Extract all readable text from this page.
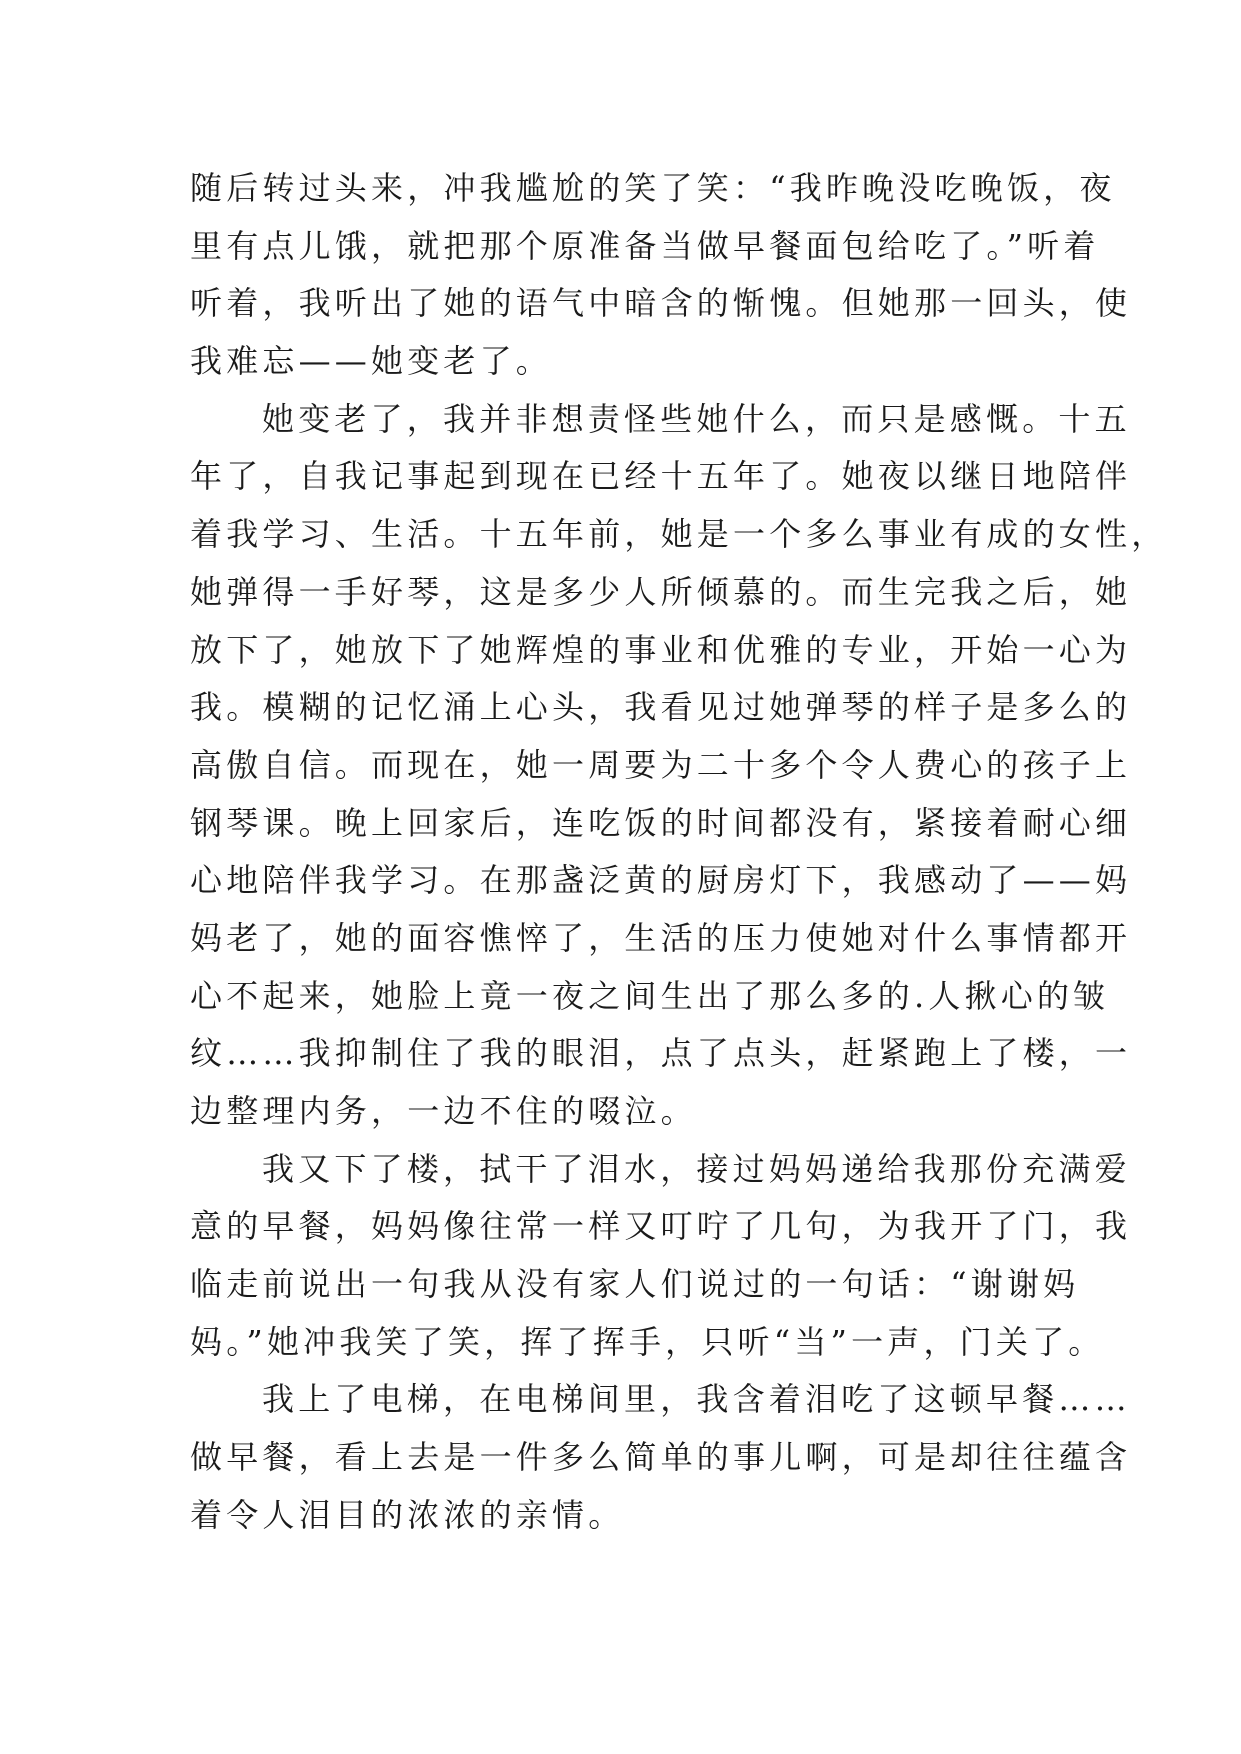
随后转过头来，冲我尴尬的笑了笑：“我昨晚没吃晚饭，夜
里有点儿饿，就把那个原准备当做早餐面包给吃了。”听着
听着，我听出了她的语气中暗含的惭愧。但她那一回头，使
我难忘——她变老了。
她变老了，我并非想责怪些她什么，而只是感慨。十五
年了，自我记事起到现在已经十五年了。她夜以继日地陪伴
着我学习、生活。十五年前，她是一个多么事业有成的女性，
她弹得一手好琴，这是多少人所倾慕的。而生完我之后，她
放下了，她放下了她辉煌的事业和优雅的专业，开始一心为
我。模糊的记忆涌上心头，我看见过她弹琴的样子是多么的
高傲自信。而现在，她一周要为二十多个令人费心的孩子上
钢琴课。晚上回家后，连吃饭的时间都没有，紧接着耐心细
心地陪伴我学习。在那盏泛黄的厨房灯下，我感动了——妈
妈老了，她的面容憔悴了，生活的压力使她对什么事情都开
心不起来，她脸上竟一夜之间生出了那么多的.人揪心的皱
纹……我抑制住了我的眼泪，点了点头，赶紧跑上了楼，一
边整理内务，一边不住的啜泣。
我又下了楼，拭干了泪水，接过妈妈递给我那份充满爱
意的早餐，妈妈像往常一样又叮咛了几句，为我开了门，我
临走前说出一句我从没有家人们说过的一句话：“谢谢妈
妈。”她冲我笑了笑，挥了挥手，只听“当”一声，门关了。
我上了电梯，在电梯间里，我含着泪吃了这顿早餐……
做早餐，看上去是一件多么简单的事儿啊，可是却往往蕴含
着令人泪目的浓浓的亲情。
